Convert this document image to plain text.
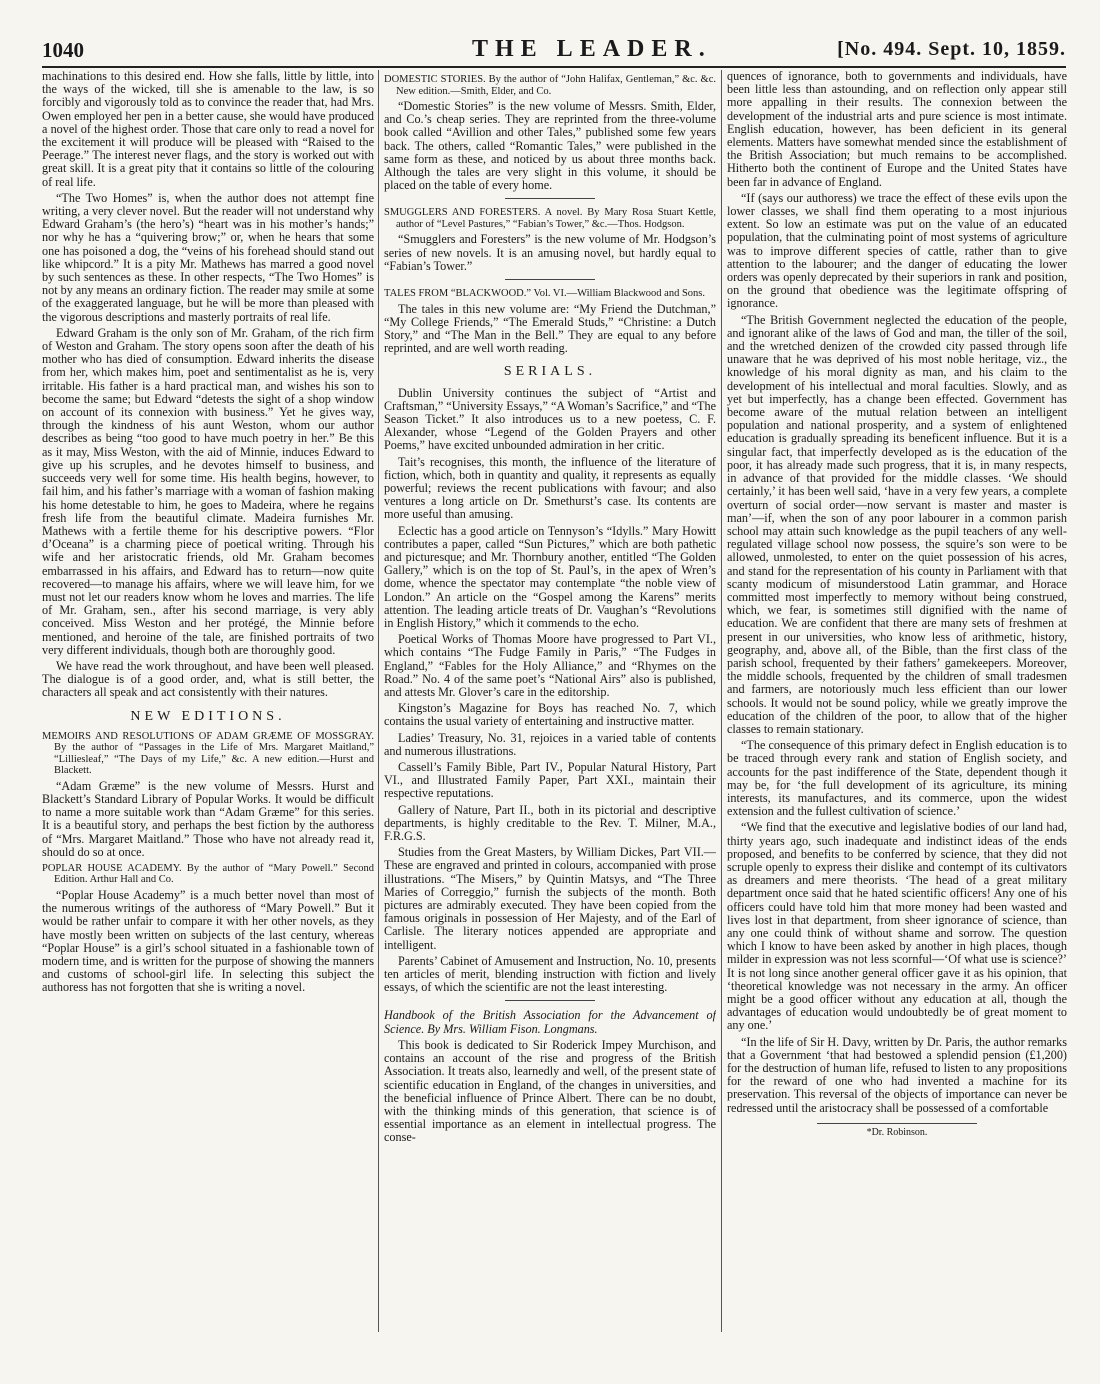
1040	THE LEADER.	[No. 494. Sept. 10, 1859.

machinations to this desired end. How she falls, little by little, into the ways of the wicked, till she is amenable to the law, is so forcibly and vigorously told as to convince the reader that, had Mrs. Owen employed her pen in a better cause, she would have produced a novel of the highest order. Those that care only to read a novel for the excitement it will produce will be pleased with “Raised to the Peerage.” The interest never flags, and the story is worked out with great skill. It is a great pity that it contains so little of the colouring of real life.

“The Two Homes” is, when the author does not attempt fine writing, a very clever novel. But the reader will not understand why Edward Graham’s (the hero’s) “heart was in his mother’s hands;” nor why he has a “quivering brow;” or, when he hears that some one has poisoned a dog, the “veins of his forehead should stand out like whipcord.” It is a pity Mr. Mathews has marred a good novel by such sentences as these. In other respects, “The Two Homes” is not by any means an ordinary fiction. The reader may smile at some of the exaggerated language, but he will be more than pleased with the vigorous descriptions and masterly portraits of real life.

Edward Graham is the only son of Mr. Graham, of the rich firm of Weston and Graham. The story opens soon after the death of his mother who has died of consumption. Edward inherits the disease from her, which makes him, poet and sentimentalist as he is, very irritable. His father is a hard practical man, and wishes his son to become the same; but Edward “detests the sight of a shop window on account of its connexion with business.” Yet he gives way, through the kindness of his aunt Weston, whom our author describes as being “too good to have much poetry in her.” Be this as it may, Miss Weston, with the aid of Minnie, induces Edward to give up his scruples, and he devotes himself to business, and succeeds very well for some time. His health begins, however, to fail him, and his father’s marriage with a woman of fashion making his home detestable to him, he goes to Madeira, where he regains fresh life from the beautiful climate. Madeira furnishes Mr. Mathews with a fertile theme for his descriptive powers. “Flor d’Oceana” is a charming piece of poetical writing. Through his wife and her aristocratic friends, old Mr. Graham becomes embarrassed in his affairs, and Edward has to return—now quite recovered—to manage his affairs, where we will leave him, for we must not let our readers know whom he loves and marries. The life of Mr. Graham, sen., after his second marriage, is very ably conceived. Miss Weston and her protégé, the Minnie before mentioned, and heroine of the tale, are finished portraits of two very different individuals, though both are thoroughly good.

We have read the work throughout, and have been well pleased. The dialogue is of a good order, and, what is still better, the characters all speak and act consistently with their natures.

NEW EDITIONS.
MEMOIRS AND RESOLUTIONS OF ADAM GRÆME OF MOSSGRAY. By the author of “Passages in the Life of Mrs. Margaret Maitland,” “Lilliesleaf,” “The Days of my Life,” &c. A new edition.—Hurst and Blackett.

“Adam Græme” is the new volume of Messrs. Hurst and Blackett’s Standard Library of Popular Works. It would be difficult to name a more suitable work than “Adam Græme” for this series. It is a beautiful story, and perhaps the best fiction by the authoress of “Mrs. Margaret Maitland.” Those who have not already read it, should do so at once.

POPLAR HOUSE ACADEMY. By the author of “Mary Powell.” Second Edition. Arthur Hall and Co.

“Poplar House Academy” is a much better novel than most of the numerous writings of the authoress of “Mary Powell.” But it would be rather unfair to compare it with her other novels, as they have mostly been written on subjects of the last century, whereas “Poplar House” is a girl’s school situated in a fashionable town of modern time, and is written for the purpose of showing the manners and customs of school-girl life. In selecting this subject the authoress has not forgotten that she is writing a novel.

DOMESTIC STORIES. By the author of “John Halifax, Gentleman,” &c. &c. New edition.—Smith, Elder, and Co.

“Domestic Stories” is the new volume of Messrs. Smith, Elder, and Co.’s cheap series. They are reprinted from the three-volume book called “Avillion and other Tales,” published some few years back. The others, called “Romantic Tales,” were published in the same form as these, and noticed by us about three months back. Although the tales are very slight in this volume, it should be placed on the table of every home.

SMUGGLERS AND FORESTERS. A novel. By Mary Rosa Stuart Kettle, author of “Level Pastures,” “Fabian’s Tower,” &c.—Thos. Hodgson.

“Smugglers and Foresters” is the new volume of Mr. Hodgson’s series of new novels. It is an amusing novel, but hardly equal to “Fabian’s Tower.”

TALES FROM “BLACKWOOD.” Vol. VI.—William Blackwood and Sons.

The tales in this new volume are: “My Friend the Dutchman,” “My College Friends,” “The Emerald Studs,” “Christine: a Dutch Story,” and “The Man in the Bell.” They are equal to any before reprinted, and are well worth reading.

SERIALS.

Dublin University continues the subject of “Artist and Craftsman,” “University Essays,” “A Woman’s Sacrifice,” and “The Season Ticket.” It also introduces us to a new poetess, C. F. Alexander, whose “Legend of the Golden Prayers and other Poems,” have excited unbounded admiration in her critic.

Tait’s recognises, this month, the influence of the literature of fiction, which, both in quantity and quality, it represents as equally powerful; reviews the recent publications with favour; and also ventures a long article on Dr. Smethurst’s case. Its contents are more useful than amusing.

Eclectic has a good article on Tennyson’s “Idylls.” Mary Howitt contributes a paper, called “Sun Pictures,” which are both pathetic and picturesque; and Mr. Thornbury another, entitled “The Golden Gallery,” which is on the top of St. Paul’s, in the apex of Wren’s dome, whence the spectator may contemplate “the noble view of London.” An article on the “Gospel among the Karens” merits attention. The leading article treats of Dr. Vaughan’s “Revolutions in English History,” which it commends to the echo.

Poetical Works of Thomas Moore have progressed to Part VI., which contains “The Fudge Family in Paris,” “The Fudges in England,” “Fables for the Holy Alliance,” and “Rhymes on the Road.” No. 4 of the same poet’s “National Airs” also is published, and attests Mr. Glover’s care in the editorship.

Kingston’s Magazine for Boys has reached No. 7, which contains the usual variety of entertaining and instructive matter.

Ladies’ Treasury, No. 31, rejoices in a varied table of contents and numerous illustrations.

Cassell’s Family Bible, Part IV., Popular Natural History, Part VI., and Illustrated Family Paper, Part XXI., maintain their respective reputations.

Gallery of Nature, Part II., both in its pictorial and descriptive departments, is highly creditable to the Rev. T. Milner, M.A., F.R.G.S.

Studies from the Great Masters, by William Dickes, Part VII.—These are engraved and printed in colours, accompanied with prose illustrations. “The Misers,” by Quintin Matsys, and “The Three Maries of Correggio,” furnish the subjects of the month. Both pictures are admirably executed. They have been copied from the famous originals in possession of Her Majesty, and of the Earl of Carlisle. The literary notices appended are appropriate and intelligent.

Parents’ Cabinet of Amusement and Instruction, No. 10, presents ten articles of merit, blending instruction with fiction and lively essays, of which the scientific are not the least interesting.

Handbook of the British Association for the Advancement of Science. By Mrs. William Fison. Longmans.

This book is dedicated to Sir Roderick Impey Murchison, and contains an account of the rise and progress of the British Association. It treats also, learnedly and well, of the present state of scientific education in England, of the changes in universities, and the beneficial influence of Prince Albert. There can be no doubt, with the thinking minds of this generation, that science is of essential importance as an element in intellectual progress. The conse-

quences of ignorance, both to governments and individuals, have been little less than astounding, and on reflection only appear still more appalling in their results. The connexion between the development of the industrial arts and pure science is most intimate. English education, however, has been deficient in its general elements. Matters have somewhat mended since the establishment of the British Association; but much remains to be accomplished. Hitherto both the continent of Europe and the United States have been far in advance of England.

“If (says our authoress) we trace the effect of these evils upon the lower classes, we shall find them operating to a most injurious extent. So low an estimate was put on the value of an educated population, that the culminating point of most systems of agriculture was to improve different species of cattle, rather than to give attention to the labourer; and the danger of educating the lower orders was openly deprecated by their superiors in rank and position, on the ground that obedience was the legitimate offspring of ignorance.

“The British Government neglected the education of the people, and ignorant alike of the laws of God and man, the tiller of the soil, and the wretched denizen of the crowded city passed through life unaware that he was deprived of his most noble heritage, viz., the knowledge of his moral dignity as man, and his claim to the development of his intellectual and moral faculties. Slowly, and as yet but imperfectly, has a change been effected. Government has become aware of the mutual relation between an intelligent population and national prosperity, and a system of enlightened education is gradually spreading its beneficent influence. But it is a singular fact, that imperfectly developed as is the education of the poor, it has already made such progress, that it is, in many respects, in advance of that provided for the middle classes. ‘We should certainly,’ it has been well said, ‘have in a very few years, a complete overturn of social order—now servant is master and master is man’—if, when the son of any poor labourer in a common parish school may attain such knowledge as the pupil teachers of any well-regulated village school now possess, the squire’s son were to be allowed, unmolested, to enter on the quiet possession of his acres, and stand for the representation of his county in Parliament with that scanty modicum of misunderstood Latin grammar, and Horace committed most imperfectly to memory without being construed, which, we fear, is sometimes still dignified with the name of education. We are confident that there are many sets of freshmen at present in our universities, who know less of arithmetic, history, geography, and, above all, of the Bible, than the first class of the parish school, frequented by their fathers’ gamekeepers. Moreover, the middle schools, frequented by the children of small tradesmen and farmers, are notoriously much less efficient than our lower schools. It would not be sound policy, while we greatly improve the education of the children of the poor, to allow that of the higher classes to remain stationary.

“The consequence of this primary defect in English education is to be traced through every rank and station of English society, and accounts for the past indifference of the State, dependent though it may be, for ‘the full development of its agriculture, its mining interests, its manufactures, and its commerce, upon the widest extension and the fullest cultivation of science.’

“We find that the executive and legislative bodies of our land had, thirty years ago, such inadequate and indistinct ideas of the ends proposed, and benefits to be conferred by science, that they did not scruple openly to express their dislike and contempt of its cultivators as dreamers and mere theorists. ‘The head of a great military department once said that he hated scientific officers! Any one of his officers could have told him that more money had been wasted and lives lost in that department, from sheer ignorance of science, than any one could think of without shame and sorrow. The question which I know to have been asked by another in high places, though milder in expression was not less scornful—‘Of what use is science?’ It is not long since another general officer gave it as his opinion, that ‘theoretical knowledge was not necessary in the army. An officer might be a good officer without any education at all, though the advantages of education would undoubtedly be of great moment to any one.’

“In the life of Sir H. Davy, written by Dr. Paris, the author remarks that a Government ‘that had bestowed a splendid pension (£1,200) for the destruction of human life, refused to listen to any propositions for the reward of one who had invented a machine for its preservation. This reversal of the objects of importance can never be redressed until the aristocracy shall be possessed of a comfortable

*Dr. Robinson.
